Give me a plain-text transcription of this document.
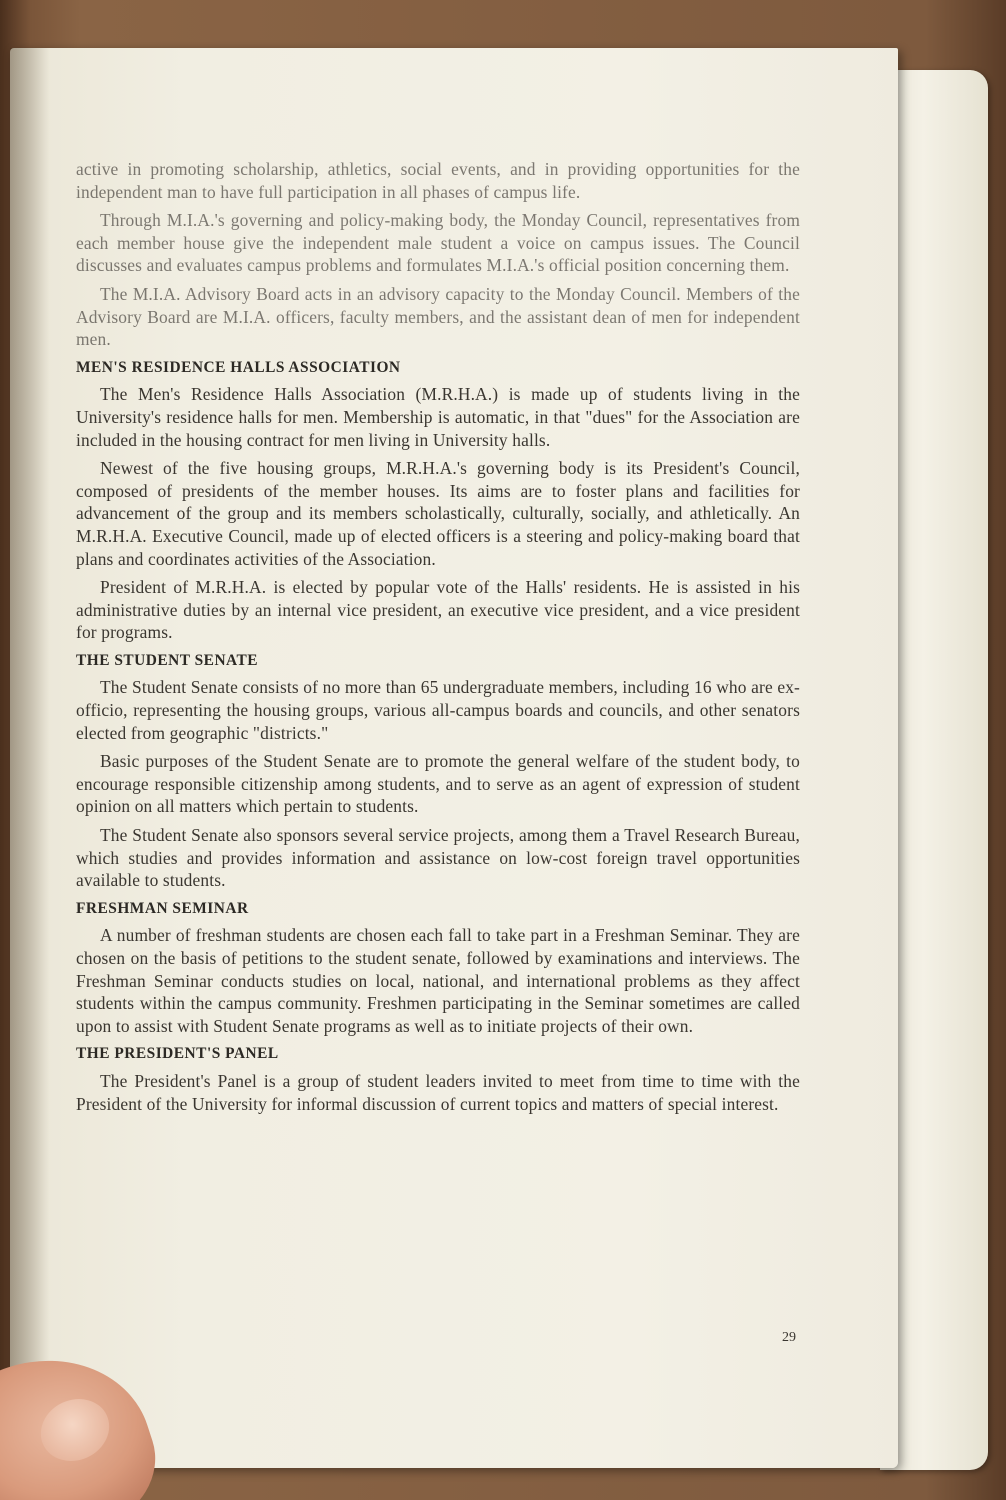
active in promoting scholarship, athletics, social events, and in providing opportunities for the independent man to have full participation in all phases of campus life.

Through M.I.A.'s governing and policy-making body, the Monday Council, representatives from each member house give the independent male student a voice on campus issues. The Council discusses and evaluates campus problems and formulates M.I.A.'s official position concerning them.

The M.I.A. Advisory Board acts in an advisory capacity to the Monday Council. Members of the Advisory Board are M.I.A. officers, faculty members, and the assistant dean of men for independent men.

MEN'S RESIDENCE HALLS ASSOCIATION

The Men's Residence Halls Association (M.R.H.A.) is made up of students living in the University's residence halls for men. Membership is automatic, in that "dues" for the Association are included in the housing contract for men living in University halls.

Newest of the five housing groups, M.R.H.A.'s governing body is its President's Council, composed of presidents of the member houses. Its aims are to foster plans and facilities for advancement of the group and its members scholastically, culturally, socially, and athletically. An M.R.H.A. Executive Council, made up of elected officers is a steering and policy-making board that plans and coordinates activities of the Association.

President of M.R.H.A. is elected by popular vote of the Halls' residents. He is assisted in his administrative duties by an internal vice president, an executive vice president, and a vice president for programs.

THE STUDENT SENATE

The Student Senate consists of no more than 65 undergraduate members, including 16 who are ex-officio, representing the housing groups, various all-campus boards and councils, and other senators elected from geographic "districts."

Basic purposes of the Student Senate are to promote the general welfare of the student body, to encourage responsible citizenship among students, and to serve as an agent of expression of student opinion on all matters which pertain to students.

The Student Senate also sponsors several service projects, among them a Travel Research Bureau, which studies and provides information and assistance on low-cost foreign travel opportunities available to students.

FRESHMAN SEMINAR

A number of freshman students are chosen each fall to take part in a Freshman Seminar. They are chosen on the basis of petitions to the student senate, followed by examinations and interviews. The Freshman Seminar conducts studies on local, national, and international problems as they affect students within the campus community. Freshmen participating in the Seminar sometimes are called upon to assist with Student Senate programs as well as to initiate projects of their own.

THE PRESIDENT'S PANEL

The President's Panel is a group of student leaders invited to meet from time to time with the President of the University for informal discussion of current topics and matters of special interest.

29
